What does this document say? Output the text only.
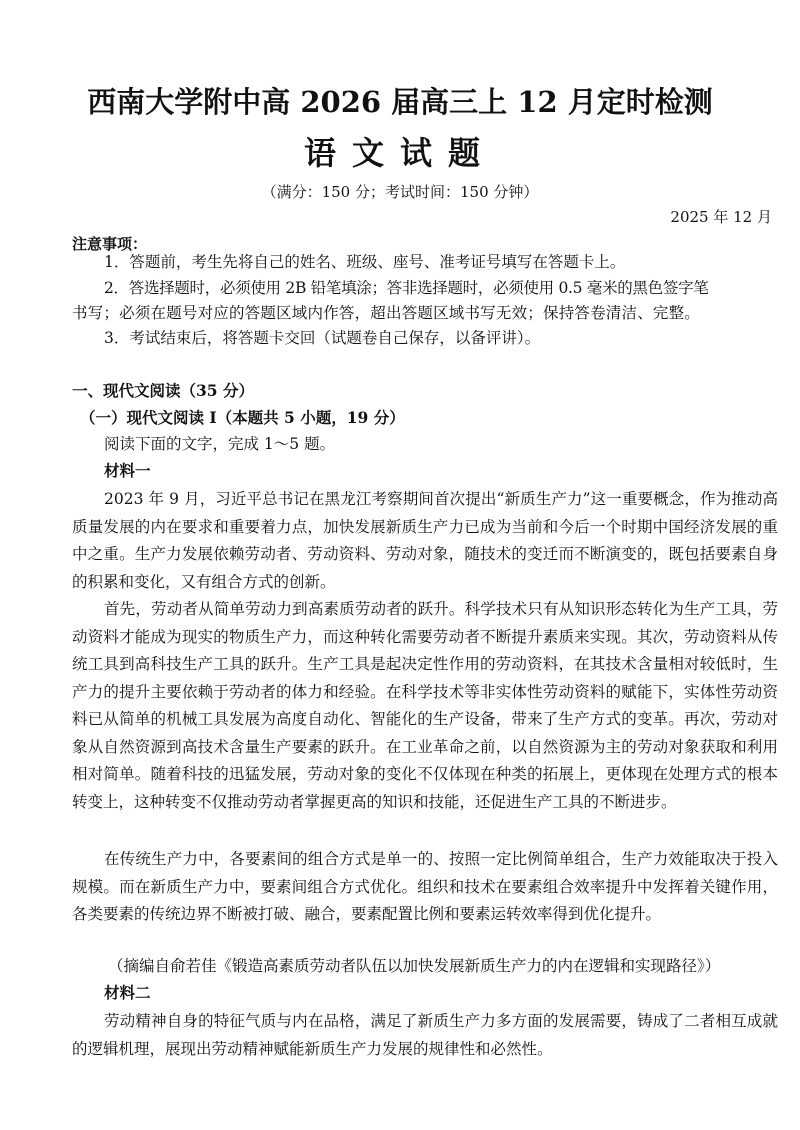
西南大学附中高 2026 届高三上 12 月定时检测
语文试题
（满分：150 分；考试时间：150 分钟）
2025 年 12 月
注意事项：
1．答题前，考生先将自己的姓名、班级、座号、准考证号填写在答题卡上。
2．答选择题时，必须使用 2B 铅笔填涂；答非选择题时，必须使用 0.5 毫米的黑色签字笔
书写；必须在题号对应的答题区域内作答，超出答题区域书写无效；保持答卷清洁、完整。
3．考试结束后，将答题卡交回（试题卷自己保存，以备评讲）。
一、现代文阅读（35 分）
（一）现代文阅读 I（本题共 5 小题，19 分）
阅读下面的文字，完成 1～5 题。
材料一
2023 年 9 月，习近平总书记在黑龙江考察期间首次提出“新质生产力”这一重要概念，作为推动高质量发展的内在要求和重要着力点，加快发展新质生产力已成为当前和今后一个时期中国经济发展的重中之重。生产力发展依赖劳动者、劳动资料、劳动对象，随技术的变迁而不断演变的，既包括要素自身的积累和变化，又有组合方式的创新。
首先，劳动者从简单劳动力到高素质劳动者的跃升。科学技术只有从知识形态转化为生产工具，劳动资料才能成为现实的物质生产力，而这种转化需要劳动者不断提升素质来实现。其次，劳动资料从传统工具到高科技生产工具的跃升。生产工具是起决定性作用的劳动资料，在其技术含量相对较低时，生产力的提升主要依赖于劳动者的体力和经验。在科学技术等非实体性劳动资料的赋能下，实体性劳动资料已从简单的机械工具发展为高度自动化、智能化的生产设备，带来了生产方式的变革。再次，劳动对象从自然资源到高技术含量生产要素的跃升。在工业革命之前，以自然资源为主的劳动对象获取和利用相对简单。随着科技的迅猛发展，劳动对象的变化不仅体现在种类的拓展上，更体现在处理方式的根本转变上，这种转变不仅推动劳动者掌握更高的知识和技能，还促进生产工具的不断进步。
在传统生产力中，各要素间的组合方式是单一的、按照一定比例简单组合，生产力效能取决于投入规模。而在新质生产力中，要素间组合方式优化。组织和技术在要素组合效率提升中发挥着关键作用，各类要素的传统边界不断被打破、融合，要素配置比例和要素运转效率得到优化提升。
（摘编自俞若佳《锻造高素质劳动者队伍以加快发展新质生产力的内在逻辑和实现路径》）
材料二
劳动精神自身的特征气质与内在品格，满足了新质生产力多方面的发展需要，铸成了二者相互成就的逻辑机理，展现出劳动精神赋能新质生产力发展的规律性和必然性。
